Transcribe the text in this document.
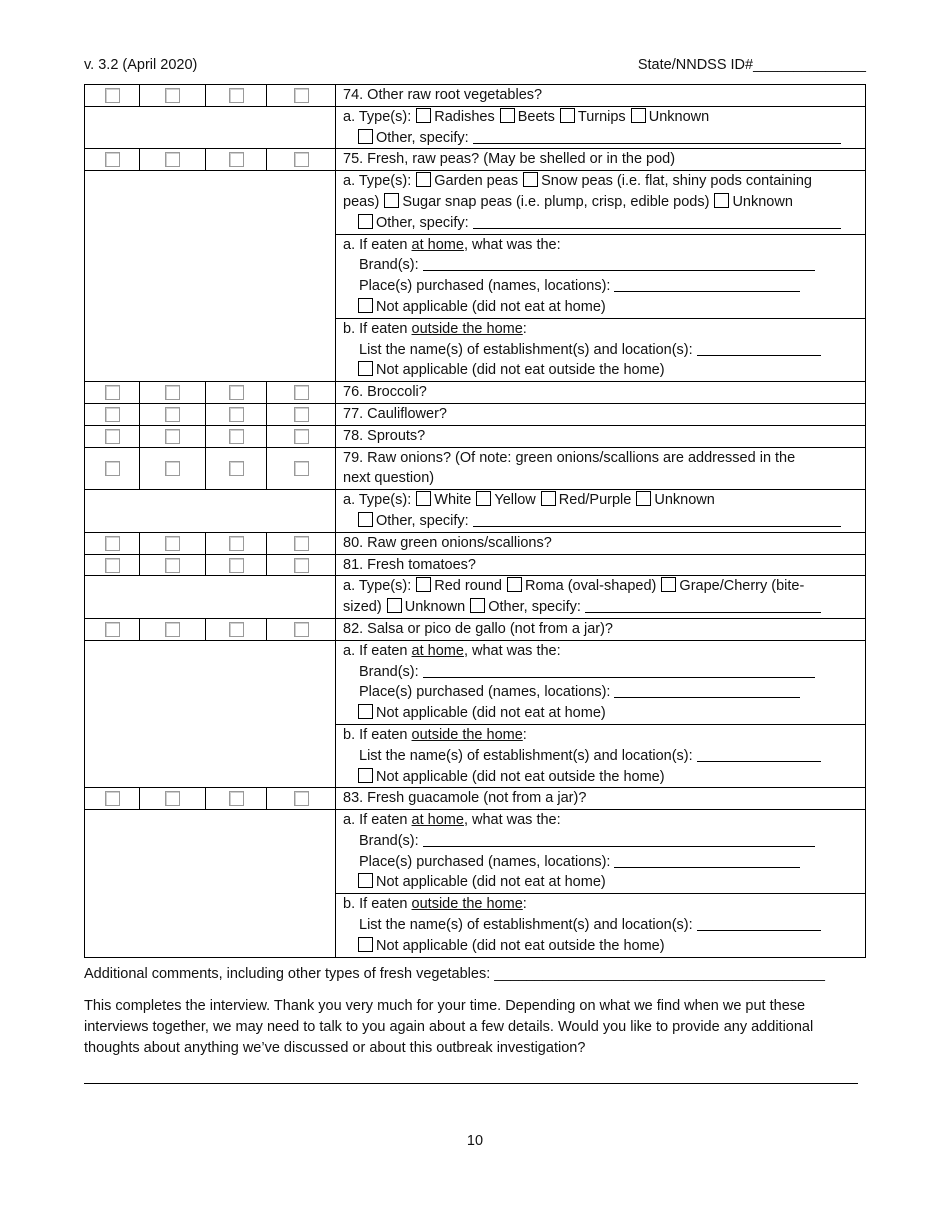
v. 3.2 (April 2020)	State/NNDSS ID#______________
				74. Other raw root vegetables?

				a. Type(s): Radishes Beets Turnips Unknown
Other, specify:

				75. Fresh, raw peas? (May be shelled or in the pod)

				a. Type(s): Garden peas Snow peas (i.e. flat, shiny pods containing
peas) Sugar snap peas (i.e. plump, crisp, edible pods) Unknown
Other, specify:

				a. If eaten at home, what was the:
Brand(s):
Place(s) purchased (names, locations):
Not applicable (did not eat at home)

				b. If eaten outside the home:
List the name(s) of establishment(s) and location(s):
Not applicable (did not eat outside the home)

				76. Broccoli?
				77. Cauliflower?
				78. Sprouts?

				79. Raw onions? (Of note: green onions/scallions are addressed in the
next question)

				a. Type(s): White Yellow Red/Purple Unknown
Other, specify:

				80. Raw green onions/scallions?
				81. Fresh tomatoes?

				a. Type(s): Red round Roma (oval-shaped) Grape/Cherry (bite-
sized) Unknown Other, specify:

				82. Salsa or pico de gallo (not from a jar)?

				a. If eaten at home, what was the:
Brand(s):
Place(s) purchased (names, locations):
Not applicable (did not eat at home)

				b. If eaten outside the home:
List the name(s) of establishment(s) and location(s):
Not applicable (did not eat outside the home)

				83. Fresh guacamole (not from a jar)?

				a. If eaten at home, what was the:
Brand(s):
Place(s) purchased (names, locations):
Not applicable (did not eat at home)

				b. If eaten outside the home:
List the name(s) of establishment(s) and location(s):
Not applicable (did not eat outside the home)
Additional comments, including other types of fresh vegetables: _________________________________________
This completes the interview. Thank you very much for your time. Depending on what we find when we put these interviews together, we may need to talk to you again about a few details. Would you like to provide any additional thoughts about anything we’ve discussed or about this outbreak investigation?
10
